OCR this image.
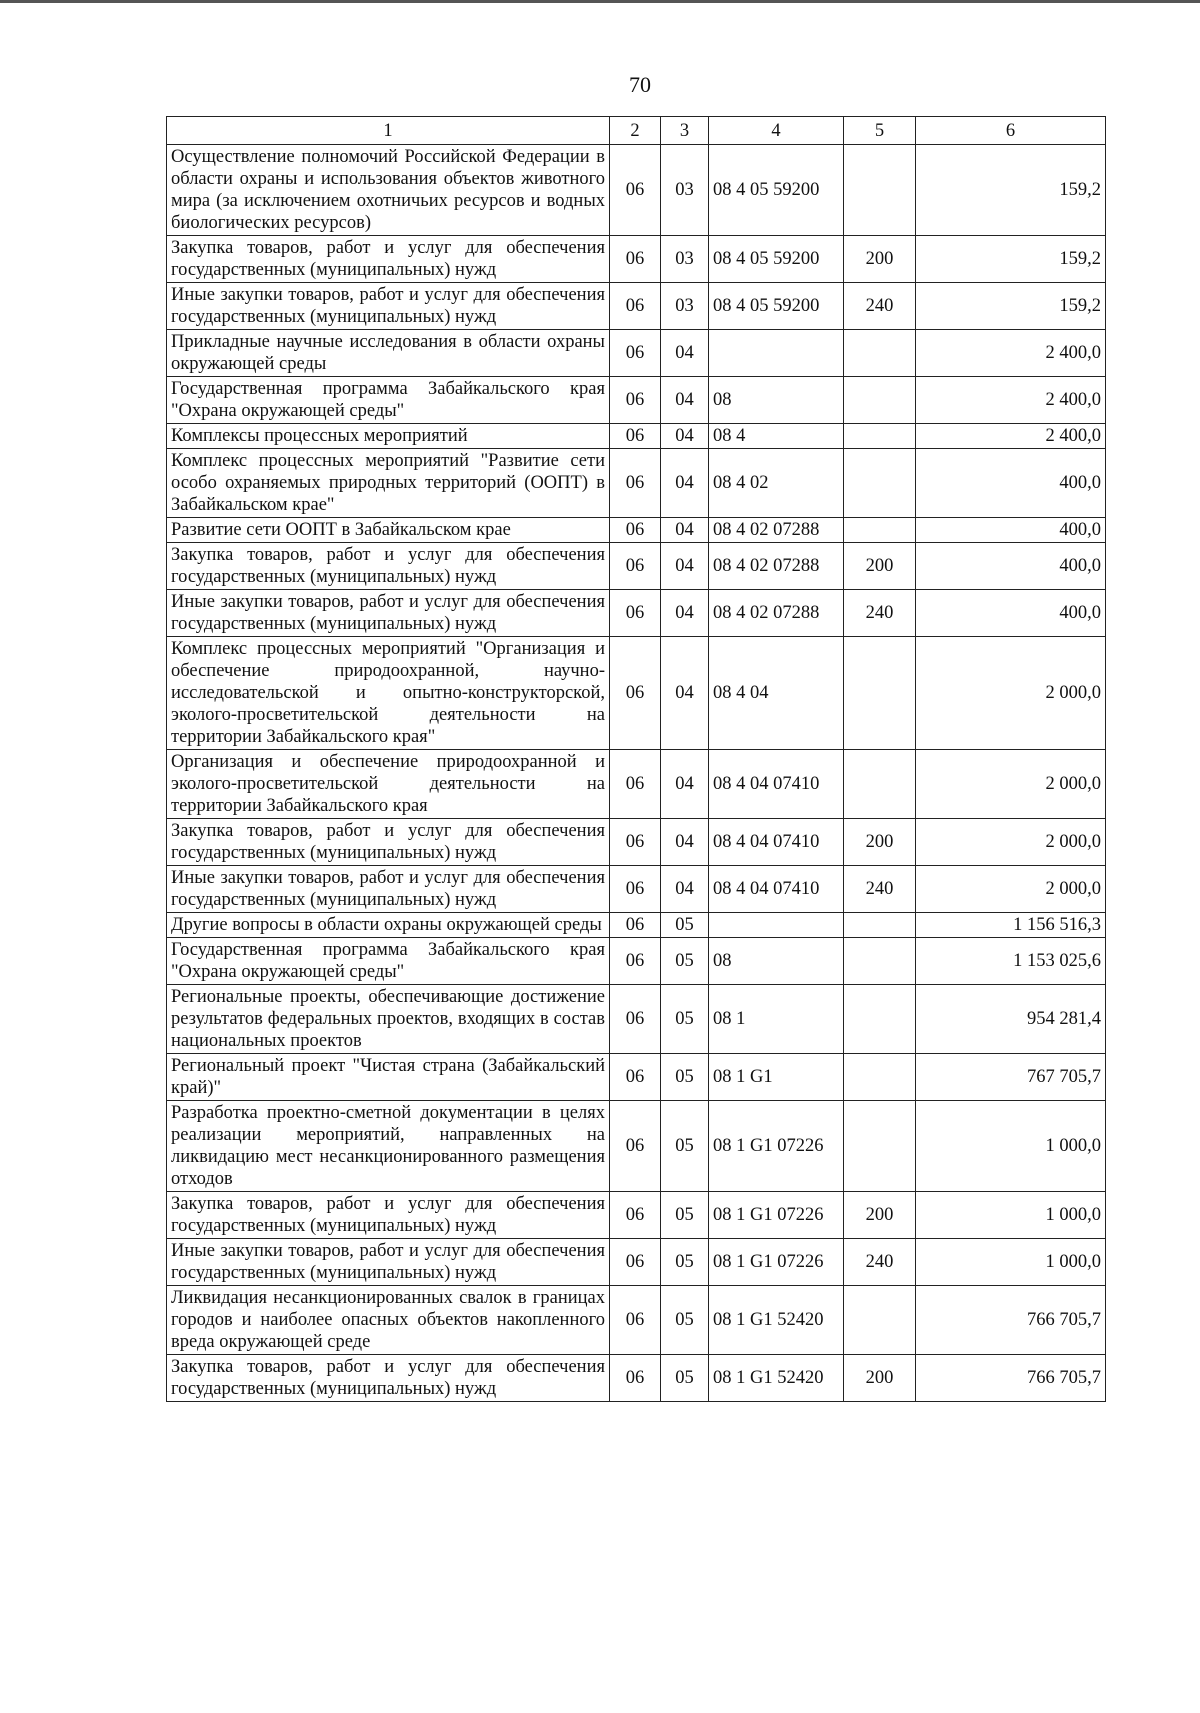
70
1	2	3	4	5	6
Осуществление полномочий Российской Федерации в области охраны и использования объектов животного мира (за исключением охотничьих ресурсов и водных биологических ресурсов)	06	03	08 4 05 59200		159,2
Закупка товаров, работ и услуг для обеспечения государственных (муниципальных) нужд	06	03	08 4 05 59200	200	159,2
Иные закупки товаров, работ и услуг для обеспечения государственных (муниципальных) нужд	06	03	08 4 05 59200	240	159,2
Прикладные научные исследования в области охраны окружающей среды	06	04			2 400,0
Государственная программа Забайкальского края "Охрана окружающей среды"	06	04	08		2 400,0
Комплексы процессных мероприятий	06	04	08 4		2 400,0
Комплекс процессных мероприятий "Развитие сети особо охраняемых природных территорий (ООПТ) в Забайкальском крае"	06	04	08 4 02		400,0
Развитие сети ООПТ в Забайкальском крае	06	04	08 4 02 07288		400,0
Закупка товаров, работ и услуг для обеспечения государственных (муниципальных) нужд	06	04	08 4 02 07288	200	400,0
Иные закупки товаров, работ и услуг для обеспечения государственных (муниципальных) нужд	06	04	08 4 02 07288	240	400,0
Комплекс процессных мероприятий "Организация и обеспечение природоохранной, научно-исследовательской и опытно-конструкторской, эколого-просветительской деятельности на территории Забайкальского края"	06	04	08 4 04		2 000,0
Организация и обеспечение природоохранной и эколого-просветительской деятельности на территории Забайкальского края	06	04	08 4 04 07410		2 000,0
Закупка товаров, работ и услуг для обеспечения государственных (муниципальных) нужд	06	04	08 4 04 07410	200	2 000,0
Иные закупки товаров, работ и услуг для обеспечения государственных (муниципальных) нужд	06	04	08 4 04 07410	240	2 000,0
Другие вопросы в области охраны окружающей среды	06	05			1 156 516,3
Государственная программа Забайкальского края "Охрана окружающей среды"	06	05	08		1 153 025,6
Региональные проекты, обеспечивающие достижение результатов федеральных проектов, входящих в состав национальных проектов	06	05	08 1		954 281,4
Региональный проект "Чистая страна (Забайкальский край)"	06	05	08 1 G1		767 705,7
Разработка проектно-сметной документации в целях реализации мероприятий, направленных на ликвидацию мест несанкционированного размещения отходов	06	05	08 1 G1 07226		1 000,0
Закупка товаров, работ и услуг для обеспечения государственных (муниципальных) нужд	06	05	08 1 G1 07226	200	1 000,0
Иные закупки товаров, работ и услуг для обеспечения государственных (муниципальных) нужд	06	05	08 1 G1 07226	240	1 000,0
Ликвидация несанкционированных свалок в границах городов и наиболее опасных объектов накопленного вреда окружающей среде	06	05	08 1 G1 52420		766 705,7
Закупка товаров, работ и услуг для обеспечения государственных (муниципальных) нужд	06	05	08 1 G1 52420	200	766 705,7
